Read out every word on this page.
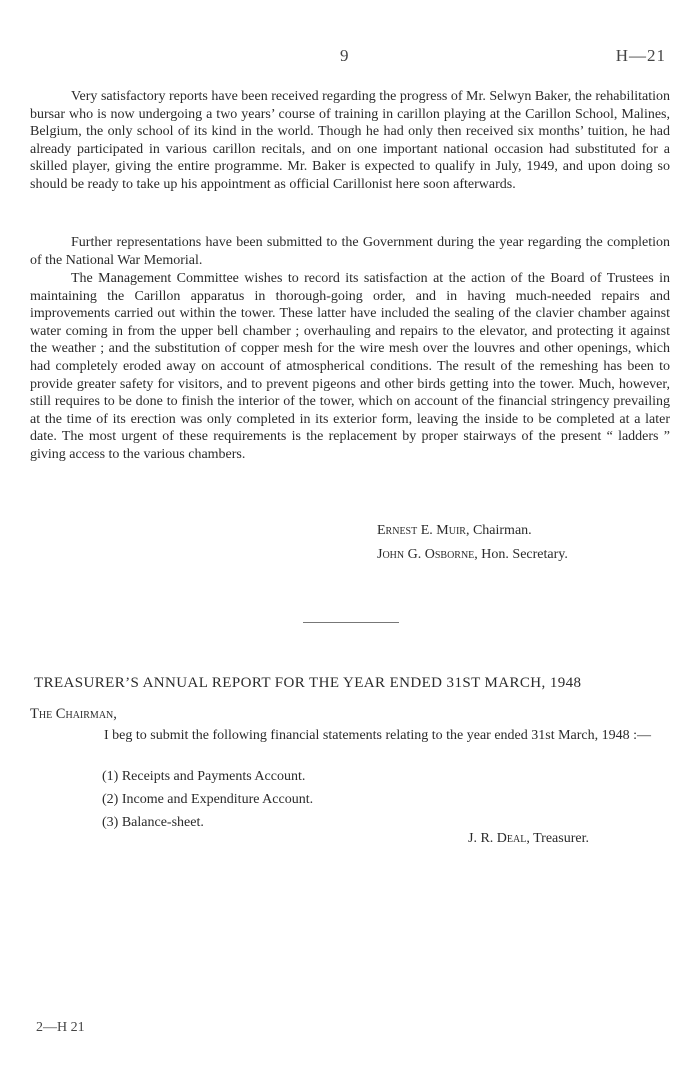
9	H—21

Very satisfactory reports have been received regarding the progress of Mr. Selwyn Baker, the rehabilitation bursar who is now undergoing a two years’ course of training in carillon playing at the Carillon School, Malines, Belgium, the only school of its kind in the world. Though he had only then received six months’ tuition, he had already participated in various carillon recitals, and on one important national occasion had substituted for a skilled player, giving the entire programme. Mr. Baker is expected to qualify in July, 1949, and upon doing so should be ready to take up his appointment as official Carillonist here soon afterwards.

Further representations have been submitted to the Government during the year regarding the completion of the National War Memorial.

The Management Committee wishes to record its satisfaction at the action of the Board of Trustees in maintaining the Carillon apparatus in thorough-going order, and in having much-needed repairs and improvements carried out within the tower. These latter have included the sealing of the clavier chamber against water coming in from the upper bell chamber ; overhauling and repairs to the elevator, and protecting it against the weather ; and the substitution of copper mesh for the wire mesh over the louvres and other openings, which had completely eroded away on account of atmospherical conditions. The result of the remeshing has been to provide greater safety for visitors, and to prevent pigeons and other birds getting into the tower. Much, however, still requires to be done to finish the interior of the tower, which on account of the financial stringency prevailing at the time of its erection was only completed in its exterior form, leaving the inside to be completed at a later date. The most urgent of these requirements is the replacement by proper stairways of the present “ ladders ” giving access to the various chambers.

Ernest E. Muir, Chairman.
John G. Osborne, Hon. Secretary.
TREASURER’S ANNUAL REPORT FOR THE YEAR ENDED 31ST MARCH, 1948
The Chairman,

I beg to submit the following financial statements relating to the year ended 31st March, 1948 :—

(1) Receipts and Payments Account.
(2) Income and Expenditure Account.
(3) Balance-sheet.
J. R. Deal, Treasurer.
2—H 21
